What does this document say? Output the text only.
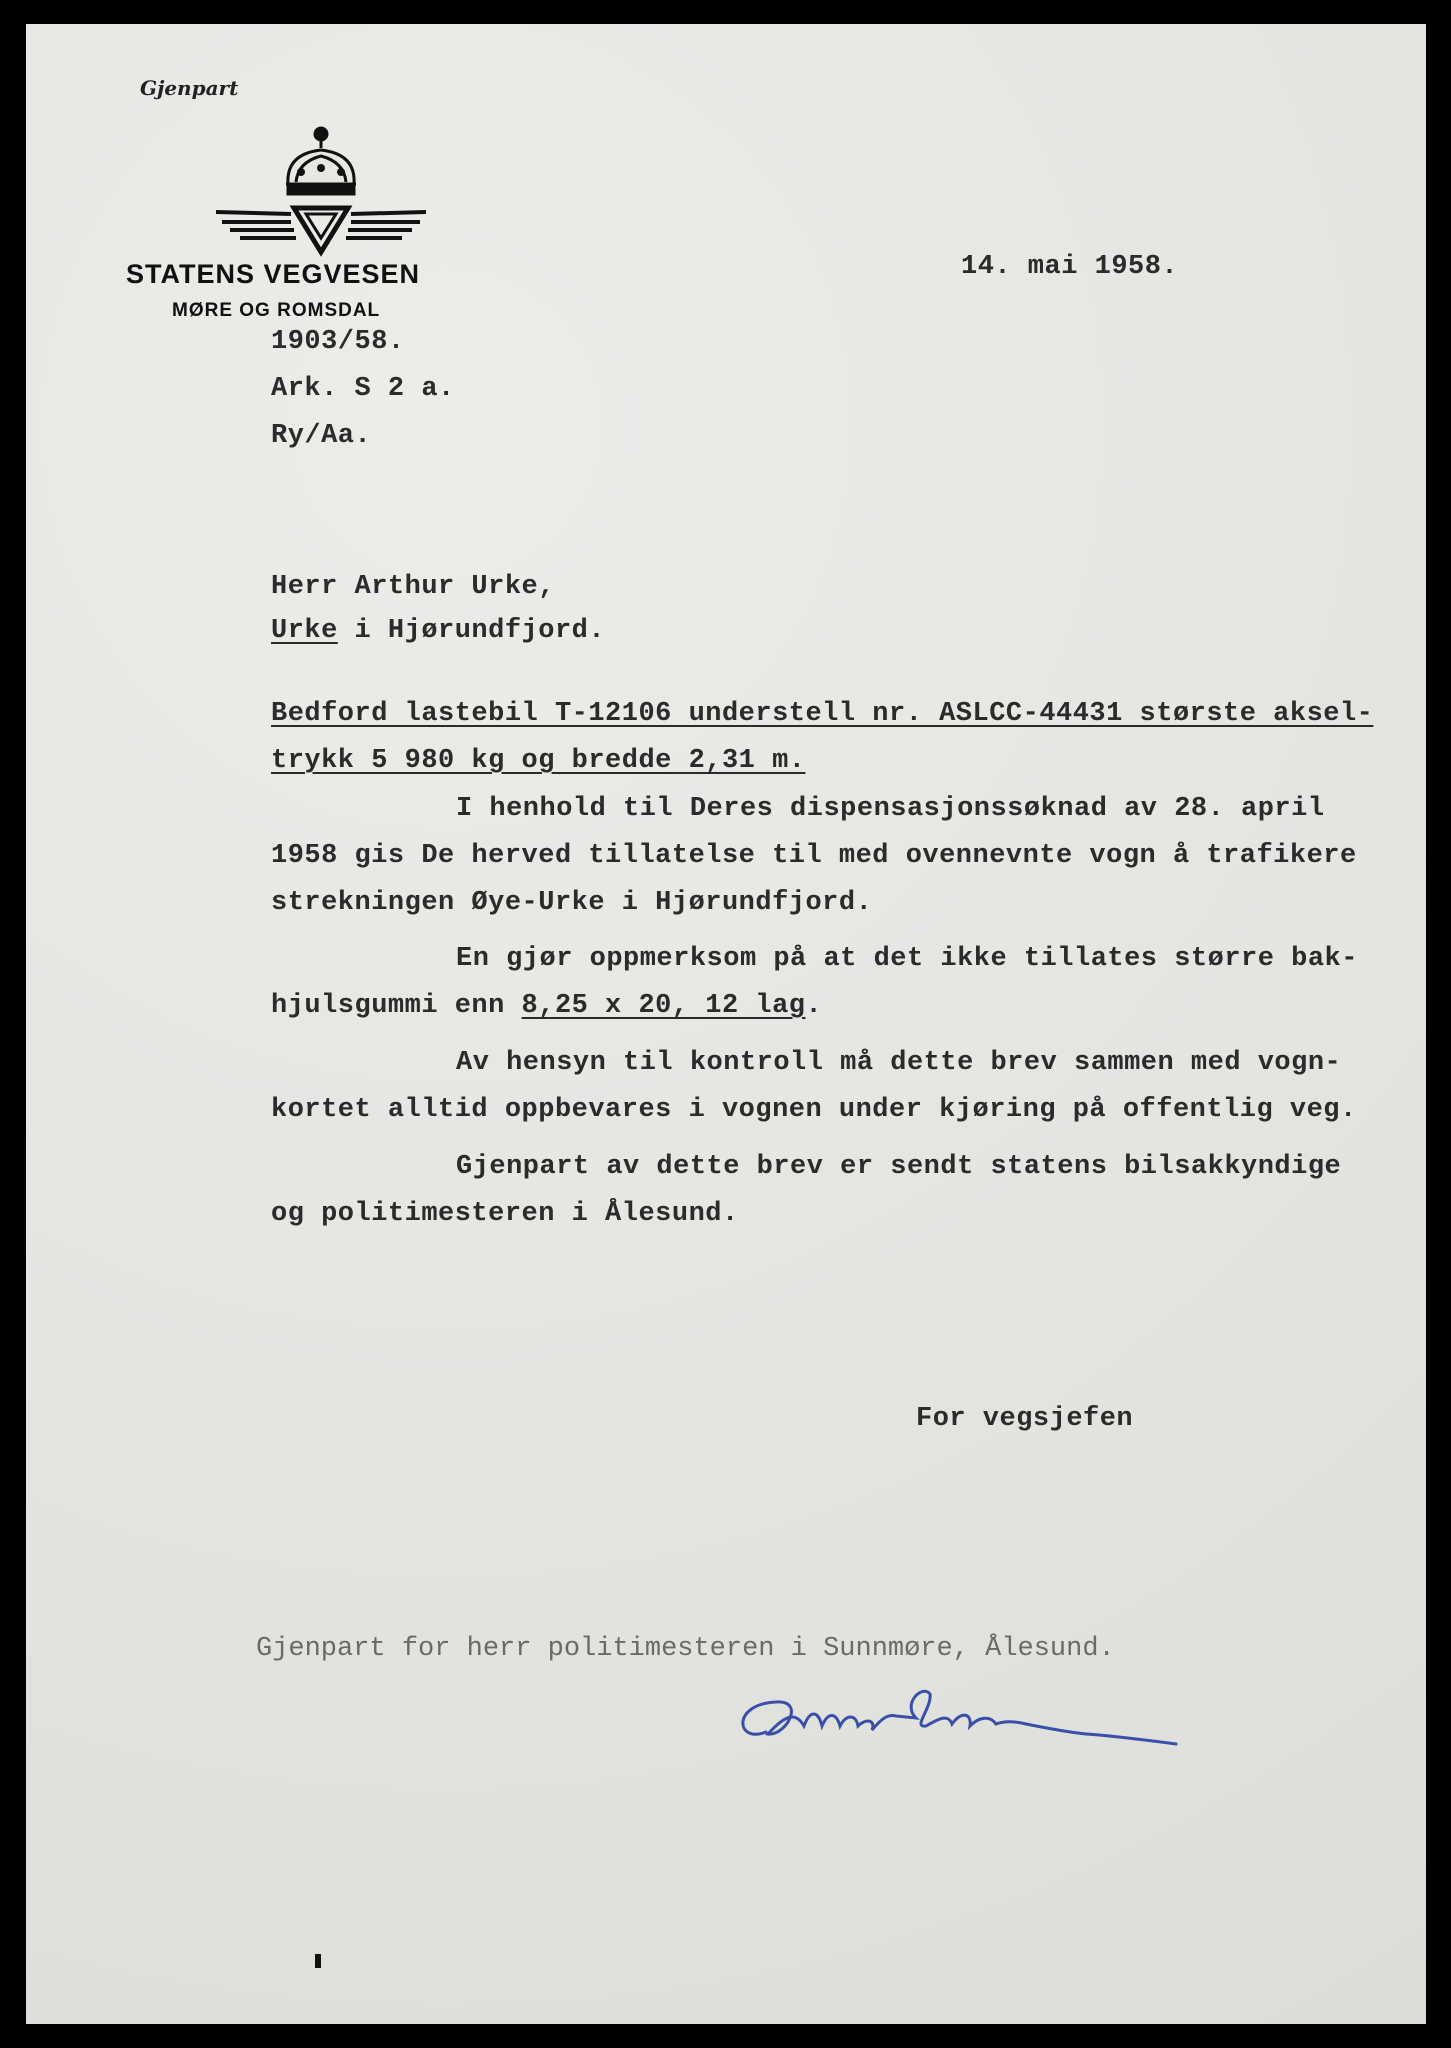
Gjenpart
STATENS VEGVESEN
MØRE OG ROMSDAL
14. mai 1958.
1903/58.
Ark. S 2 a.
Ry/Aa.
Herr Arthur Urke,
Urke i Hjørundfjord.
Bedford lastebil T-12106 understell nr. ASLCC-44431 største aksel-
trykk 5 980 kg og bredde 2,31 m.
I henhold til Deres dispensasjonssøknad av 28. april
1958 gis De herved tillatelse til med ovennevnte vogn å trafikere
strekningen Øye-Urke i Hjørundfjord.
En gjør oppmerksom på at det ikke tillates større bak-
hjulsgummi enn 8,25 x 20, 12 lag.
Av hensyn til kontroll må dette brev sammen med vogn-
kortet alltid oppbevares i vognen under kjøring på offentlig veg.
Gjenpart av dette brev er sendt statens bilsakkyndige
og politimesteren i Ålesund.
For vegsjefen
Gjenpart for herr politimesteren i Sunnmøre, Ålesund.
